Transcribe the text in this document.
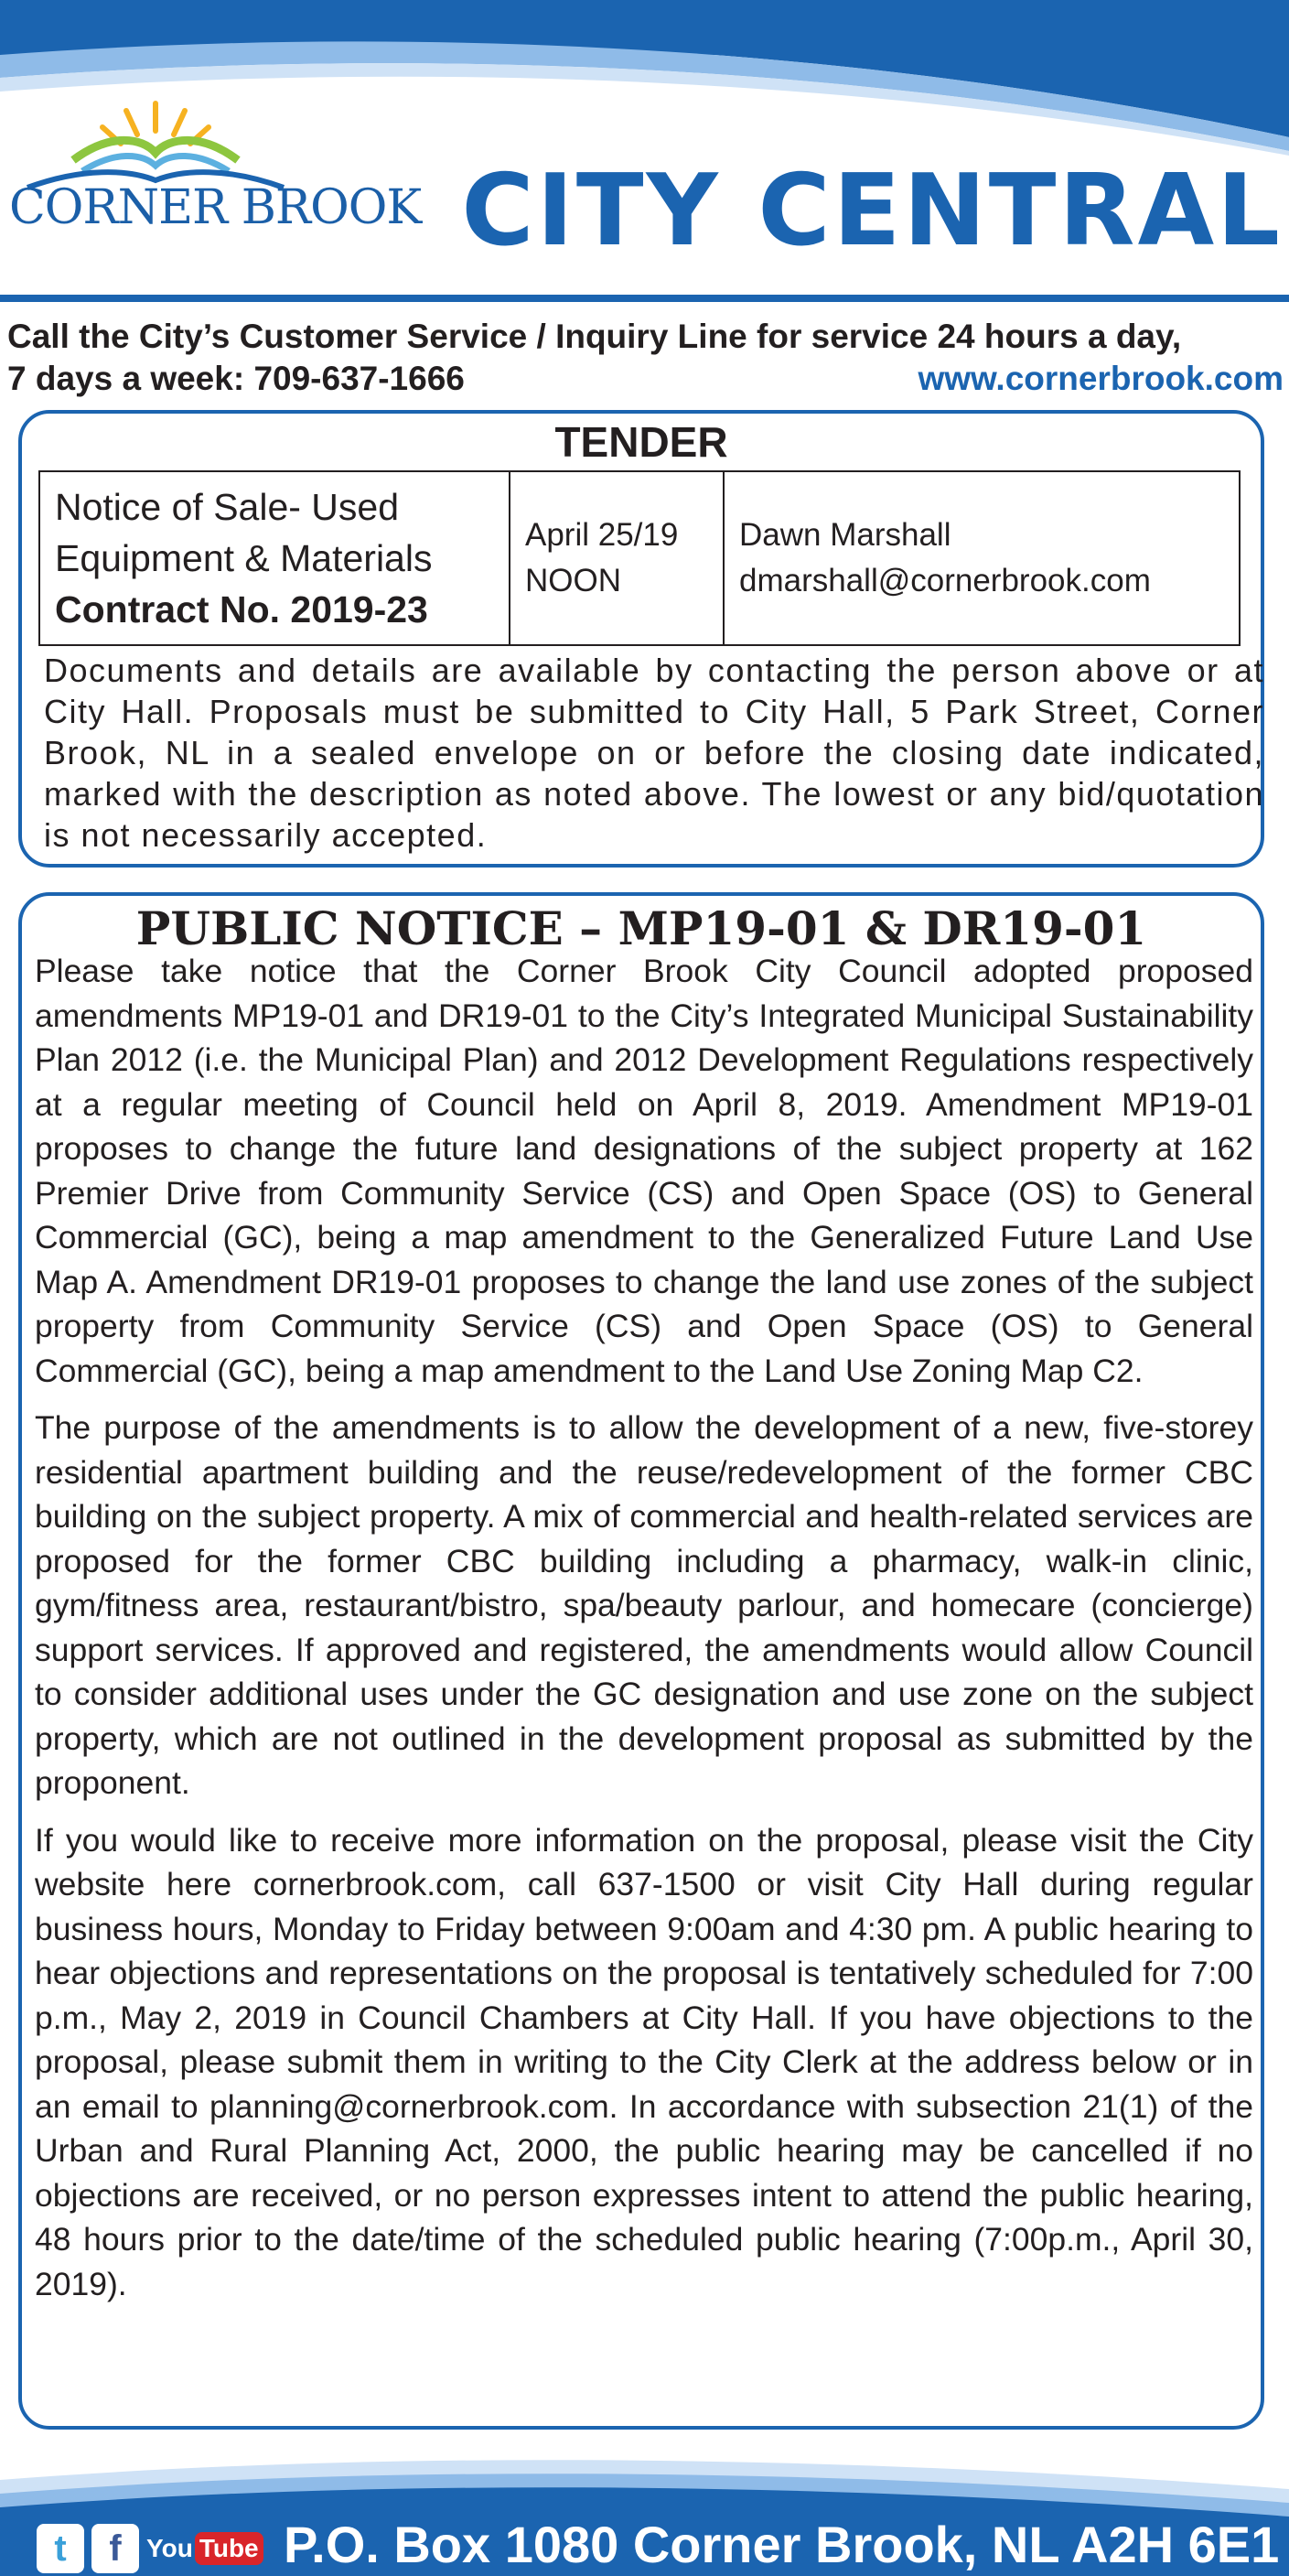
CORNER BROOK CITY CENTRAL
Call the City’s Customer Service / Inquiry Line for service 24 hours a day,
7 days a week: 709-637-1666	www.cornerbrook.com
TENDER
Notice of Sale- Used
Equipment & Materials
Contract No. 2019-23

April 25/19
NOON

Dawn Marshall
dmarshall@cornerbrook.com
Documents and details are available by contacting the person above or at City Hall. Proposals must be submitted to City Hall, 5 Park Street, Corner Brook, NL in a sealed envelope on or before the closing date indicated, marked with the description as noted above. The lowest or any bid/quotation is not necessarily accepted.
PUBLIC NOTICE – MP19-01 & DR19-01

Please take notice that the Corner Brook City Council adopted proposed amendments MP19-01 and DR19-01 to the City’s Integrated Municipal Sustainability Plan 2012 (i.e. the Municipal Plan) and 2012 Development Regulations respectively at a regular meeting of Council held on April 8, 2019. Amendment MP19-01 proposes to change the future land designations of the subject property at 162 Premier Drive from Community Service (CS) and Open Space (OS) to General Commercial (GC), being a map amendment to the Generalized Future Land Use Map A. Amendment DR19-01 proposes to change the land use zones of the subject property from Community Service (CS) and Open Space (OS) to General Commercial (GC), being a map amendment to the Land Use Zoning Map C2.

The purpose of the amendments is to allow the development of a new, five-storey residential apartment building and the reuse/redevelopment of the former CBC building on the subject property. A mix of commercial and health-related services are proposed for the former CBC building including a pharmacy, walk-in clinic, gym/fitness area, restaurant/bistro, spa/beauty parlour, and homecare (concierge) support services. If approved and registered, the amendments would allow Council to consider additional uses under the GC designation and use zone on the subject property, which are not outlined in the development proposal as submitted by the proponent.

If you would like to receive more information on the proposal, please visit the City website here cornerbrook.com, call 637-1500 or visit City Hall during regular business hours, Monday to Friday between 9:00am and 4:30 pm. A public hearing to hear objections and representations on the proposal is tentatively scheduled for 7:00 p.m., May 2, 2019 in Council Chambers at City Hall. If you have objections to the proposal, please submit them in writing to the City Clerk at the address below or in an email to planning@cornerbrook.com. In accordance with subsection 21(1) of the Urban and Rural Planning Act, 2000, the public hearing may be cancelled if no objections are received, or no person expresses intent to attend the public hearing, 48 hours prior to the date/time of the scheduled public hearing (7:00p.m., April 30, 2019).

t	f You Tube P.O. Box 1080 Corner Brook, NL A2H 6E1
